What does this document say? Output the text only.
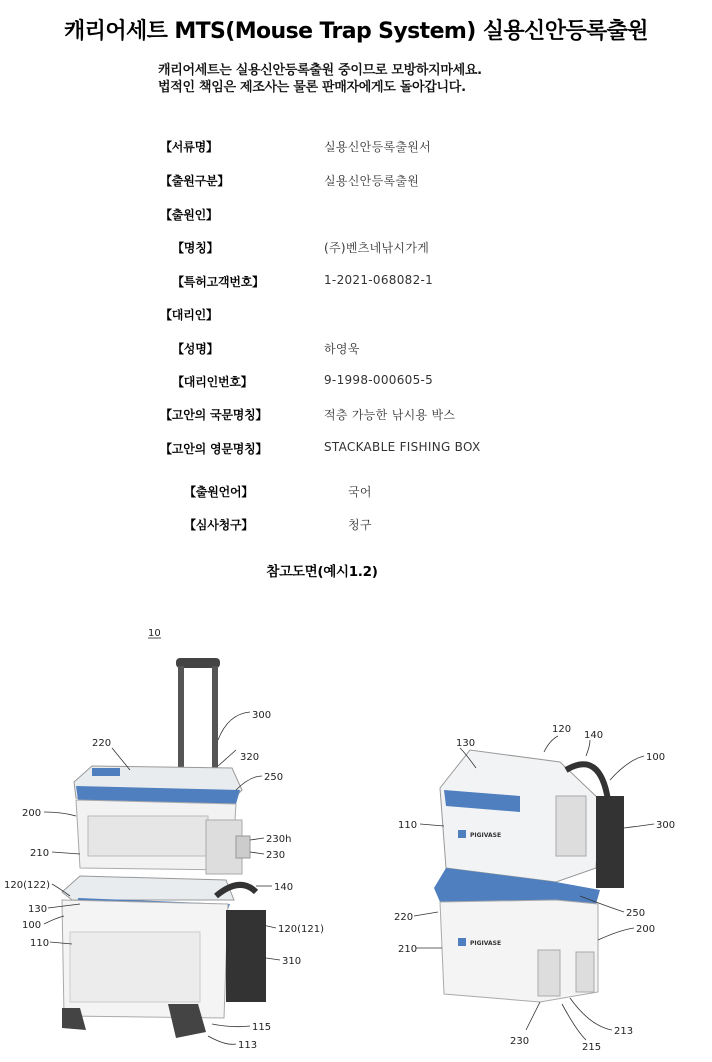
캐리어세트 MTS(Mouse Trap System) 실용신안등록출원
캐리어세트는 실용신안등록출원 중이므로 모방하지마세요.
법적인 책임은 제조사는 물론 판매자에게도 돌아갑니다.
【서류명】	실용신안등록출원서
【출원구분】	실용신안등록출원
【출원인】
【명칭】	(주)벤츠네낚시가게
【특허고객번호】	1-2021-068082-1
【대리인】
【성명】	하영욱
【대리인번호】	9-1998-000605-5
【고안의 국문명칭】	적층 가능한 낚시용 박스
【고안의 영문명칭】	STACKABLE FISHING BOX
【출원언어】	국어
【심사청구】	청구
참고도면(예시1.2)
10
300
320
220
250
200
230h
230
210
140
120(122)
130
100
110
120(121)
310
115
113
PIGIVASE
PIGIVASE
120
130
140
100
300
110
250
220
200
210
213
230
215
